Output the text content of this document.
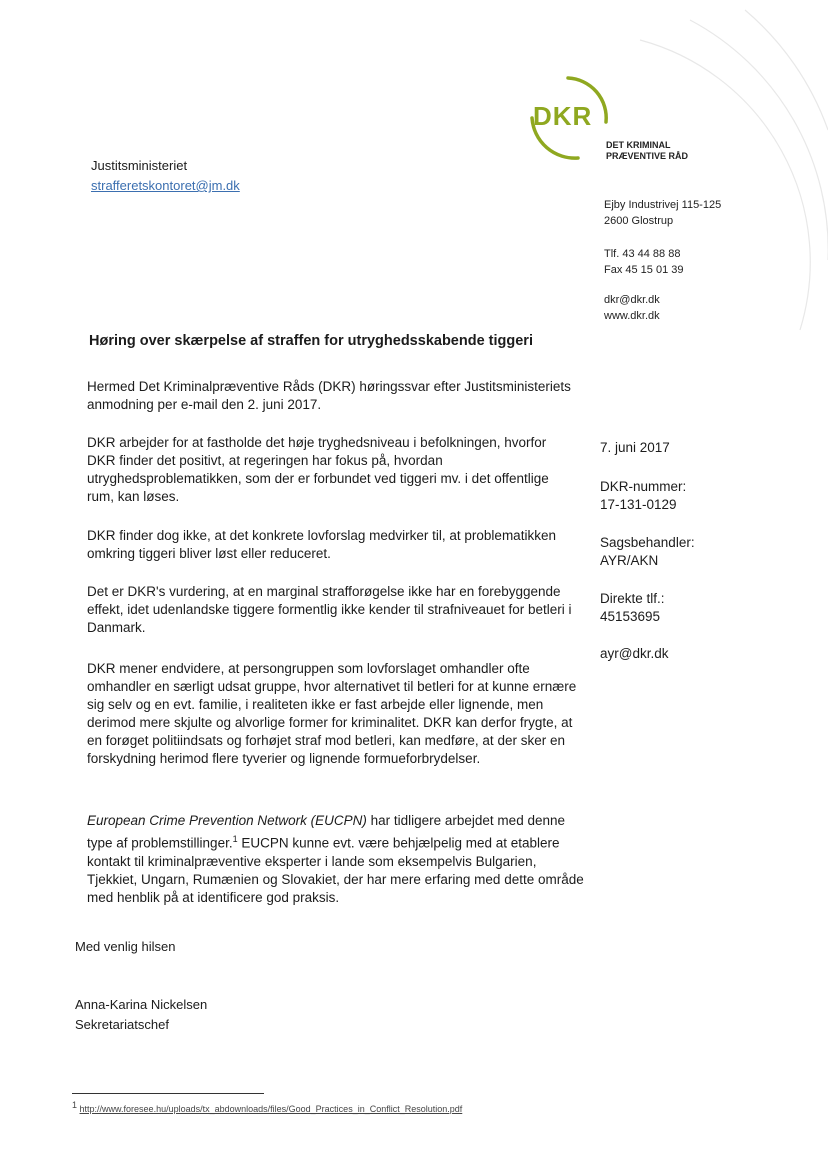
DKR
DET KRIMINAL
PRÆVENTIVE RÅD
Ejby Industrivej 115-125
2600 Glostrup
Tlf. 43 44 88 88
Fax 45 15 01 39
dkr@dkr.dk
www.dkr.dk
Justitsministeriet
strafferetskontoret@jm.dk
Høring over skærpelse af straffen for utryghedsskabende tiggeri

Hermed Det Kriminalpræventive Råds (DKR) høringssvar efter Justitsministeriets anmodning per e-mail den 2. juni 2017.

DKR arbejder for at fastholde det høje tryghedsniveau i befolkningen, hvorfor DKR finder det positivt, at regeringen har fokus på, hvordan utryghedsproblematikken, som der er forbundet ved tiggeri mv. i det offentlige rum, kan løses.

DKR finder dog ikke, at det konkrete lovforslag medvirker til, at problematikken omkring tiggeri bliver løst eller reduceret.

Det er DKR's vurdering, at en marginal strafforøgelse ikke har en forebyggende effekt, idet udenlandske tiggere formentlig ikke kender til strafniveauet for betleri i Danmark.

DKR mener endvidere, at persongruppen som lovforslaget omhandler ofte omhandler en særligt udsat gruppe, hvor alternativet til betleri for at kunne ernære sig selv og en evt. familie, i realiteten ikke er fast arbejde eller lignende, men derimod mere skjulte og alvorlige former for kriminalitet. DKR kan derfor frygte, at en forøget politiindsats og forhøjet straf mod betleri, kan medføre, at der sker en forskydning herimod flere tyverier og lignende formueforbrydelser.

European Crime Prevention Network (EUCPN) har tidligere arbejdet med denne type af problemstillinger.$^1$ EUCPN kunne evt. være behjælpelig med at etablere kontakt til kriminalpræventive eksperter i lande som eksempelvis Bulgarien, Tjekkiet, Ungarn, Rumænien og Slovakiet, der har mere erfaring med dette område med henblik på at identificere god praksis.

7. juni 2017
DKR-nummer:
17-131-0129
Sagsbehandler:
AYR/AKN
Direkte tlf.:
45153695
ayr@dkr.dk
Med venlig hilsen
Anna-Karina Nickelsen
Sekretariatschef
$^1$ http://www.foresee.hu/uploads/tx_abdownloads/files/Good_Practices_in_Conflict_Resolution.pdf
